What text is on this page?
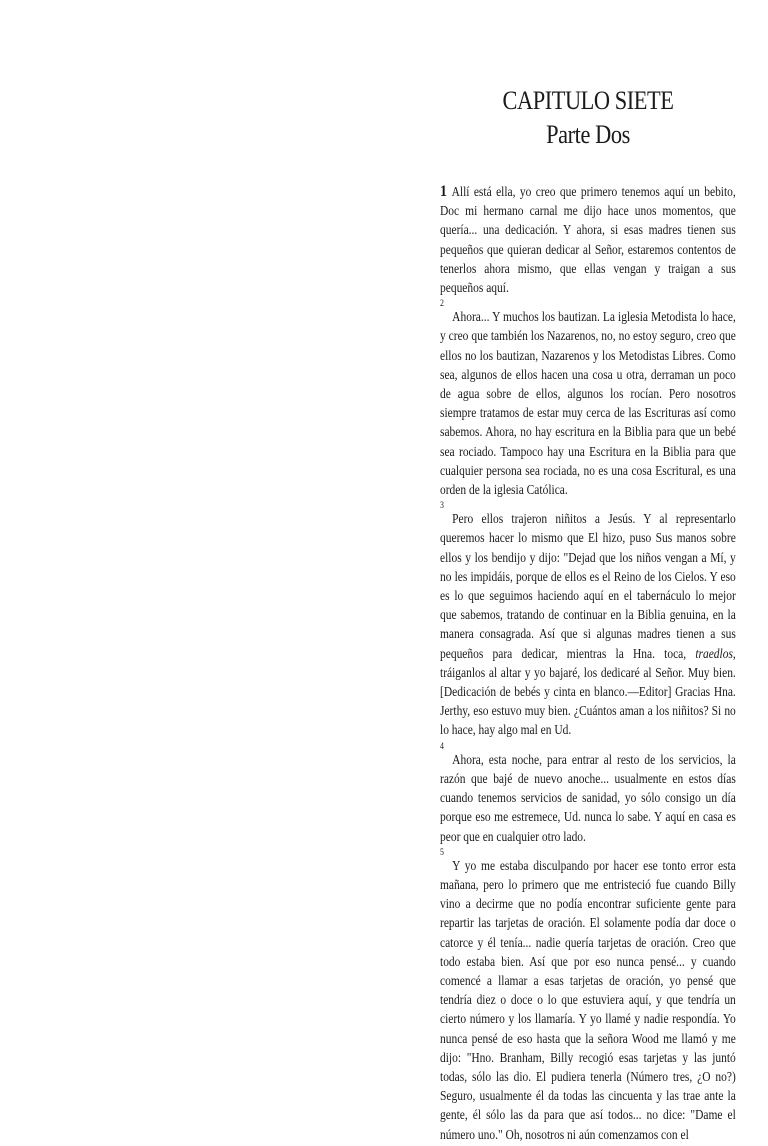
CAPITULO SIETE
Parte Dos

1 Allí está ella, yo creo que primero tenemos aquí un bebito, Doc mi hermano carnal me dijo hace unos momentos, que quería... una dedicación. Y ahora, si esas madres tienen sus pequeños que quieran dedicar al Señor, estaremos contentos de tenerlos ahora mismo, que ellas vengan y traigan a sus pequeños aquí.

2
Ahora... Y muchos los bautizan. La iglesia Metodista lo hace, y creo que también los Nazarenos, no, no estoy seguro, creo que ellos no los bautizan, Nazarenos y los Metodistas Libres. Como sea, algunos de ellos hacen una cosa u otra, derraman un poco de agua sobre de ellos, algunos los rocían. Pero nosotros siempre tratamos de estar muy cerca de las Escrituras así como sabemos. Ahora, no hay escritura en la Biblia para que un bebé sea rociado. Tampoco hay una Escritura en la Biblia para que cualquier persona sea rociada, no es una cosa Escritural, es una orden de la iglesia Católica.

3
Pero ellos trajeron niñitos a Jesús. Y al representarlo queremos hacer lo mismo que El hizo, puso Sus manos sobre ellos y los bendijo y dijo: "Dejad que los niños vengan a Mí, y no les impidáis, porque de ellos es el Reino de los Cielos. Y eso es lo que seguimos haciendo aquí en el tabernáculo lo mejor que sabemos, tratando de continuar en la Biblia genuina, en la manera consagrada. Así que si algunas madres tienen a sus pequeños para dedicar, mientras la Hna. toca, traedlos, tráiganlos al altar y yo bajaré, los dedicaré al Señor. Muy bien. [Dedicación de bebés y cinta en blanco.—Editor] Gracias Hna. Jerthy, eso estuvo muy bien. ¿Cuántos aman a los niñitos? Si no lo hace, hay algo mal en Ud.

4
Ahora, esta noche, para entrar al resto de los servicios, la razón que bajé de nuevo anoche... usualmente en estos días cuando tenemos servicios de sanidad, yo sólo consigo un día porque eso me estremece, Ud. nunca lo sabe. Y aquí en casa es peor que en cualquier otro lado.

5
Y yo me estaba disculpando por hacer ese tonto error esta mañana, pero lo primero que me entristeció fue cuando Billy vino a decirme que no podía encontrar suficiente gente para repartir las tarjetas de oración. El solamente podía dar doce o catorce y él tenía... nadie quería tarjetas de oración. Creo que todo estaba bien. Así que por eso nunca pensé... y cuando comencé a llamar a esas tarjetas de oración, yo pensé que tendría diez o doce o lo que estuviera aquí, y que tendría un cierto número y los llamaría. Y yo llamé y nadie respondía. Yo nunca pensé de eso hasta que la señora Wood me llamó y me dijo: "Hno. Branham, Billy recogió esas tarjetas y las juntó todas, sólo las dio. El pudiera tenerla (Número tres, ¿O no?) Seguro, usualmente él da todas las cincuenta y las trae ante la gente, él sólo las da para que así todos... no dice: "Dame el número uno." Oh, nosotros ni aún comenzamos con el
